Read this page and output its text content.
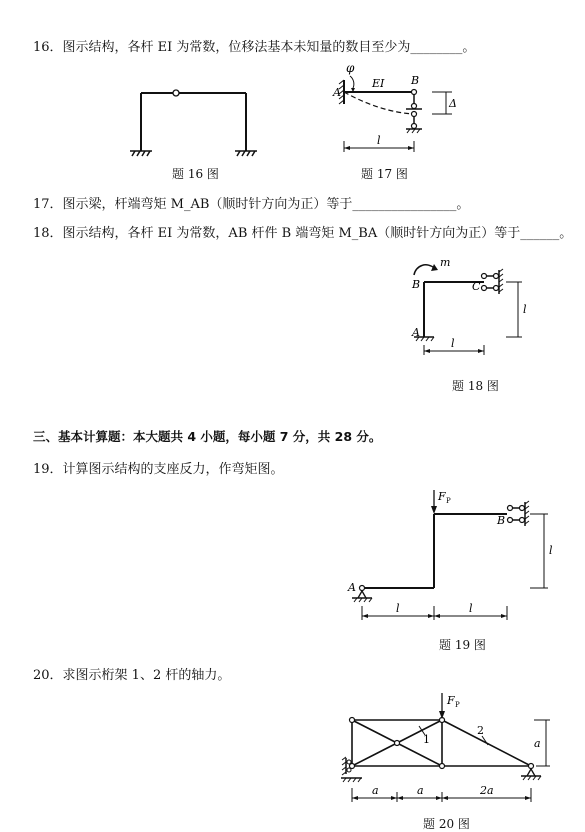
16．图示结构，各杆 EI 为常数，位移法基本未知量的数目至少为________。
题 16 图
φ
A
EI B
Δ
l
题 17 图
17．图示梁，杆端弯矩 M_AB（顺时针方向为正）等于________________。
18．图示结构，各杆 EI 为常数，AB 杆件 B 端弯矩 M_BA（顺时针方向为正）等于______。
m
B	C
A
l
l
题 18 图
三、基本计算题：本大题共 4 小题，每小题 7 分，共 28 分。
19．计算图示结构的支座反力，作弯矩图。
F P
B
A
l
l	l
题 19 图
20．求图示桁架 1、2 杆的轴力。
F P
1
2
a
a	a	2a
题 20 图
